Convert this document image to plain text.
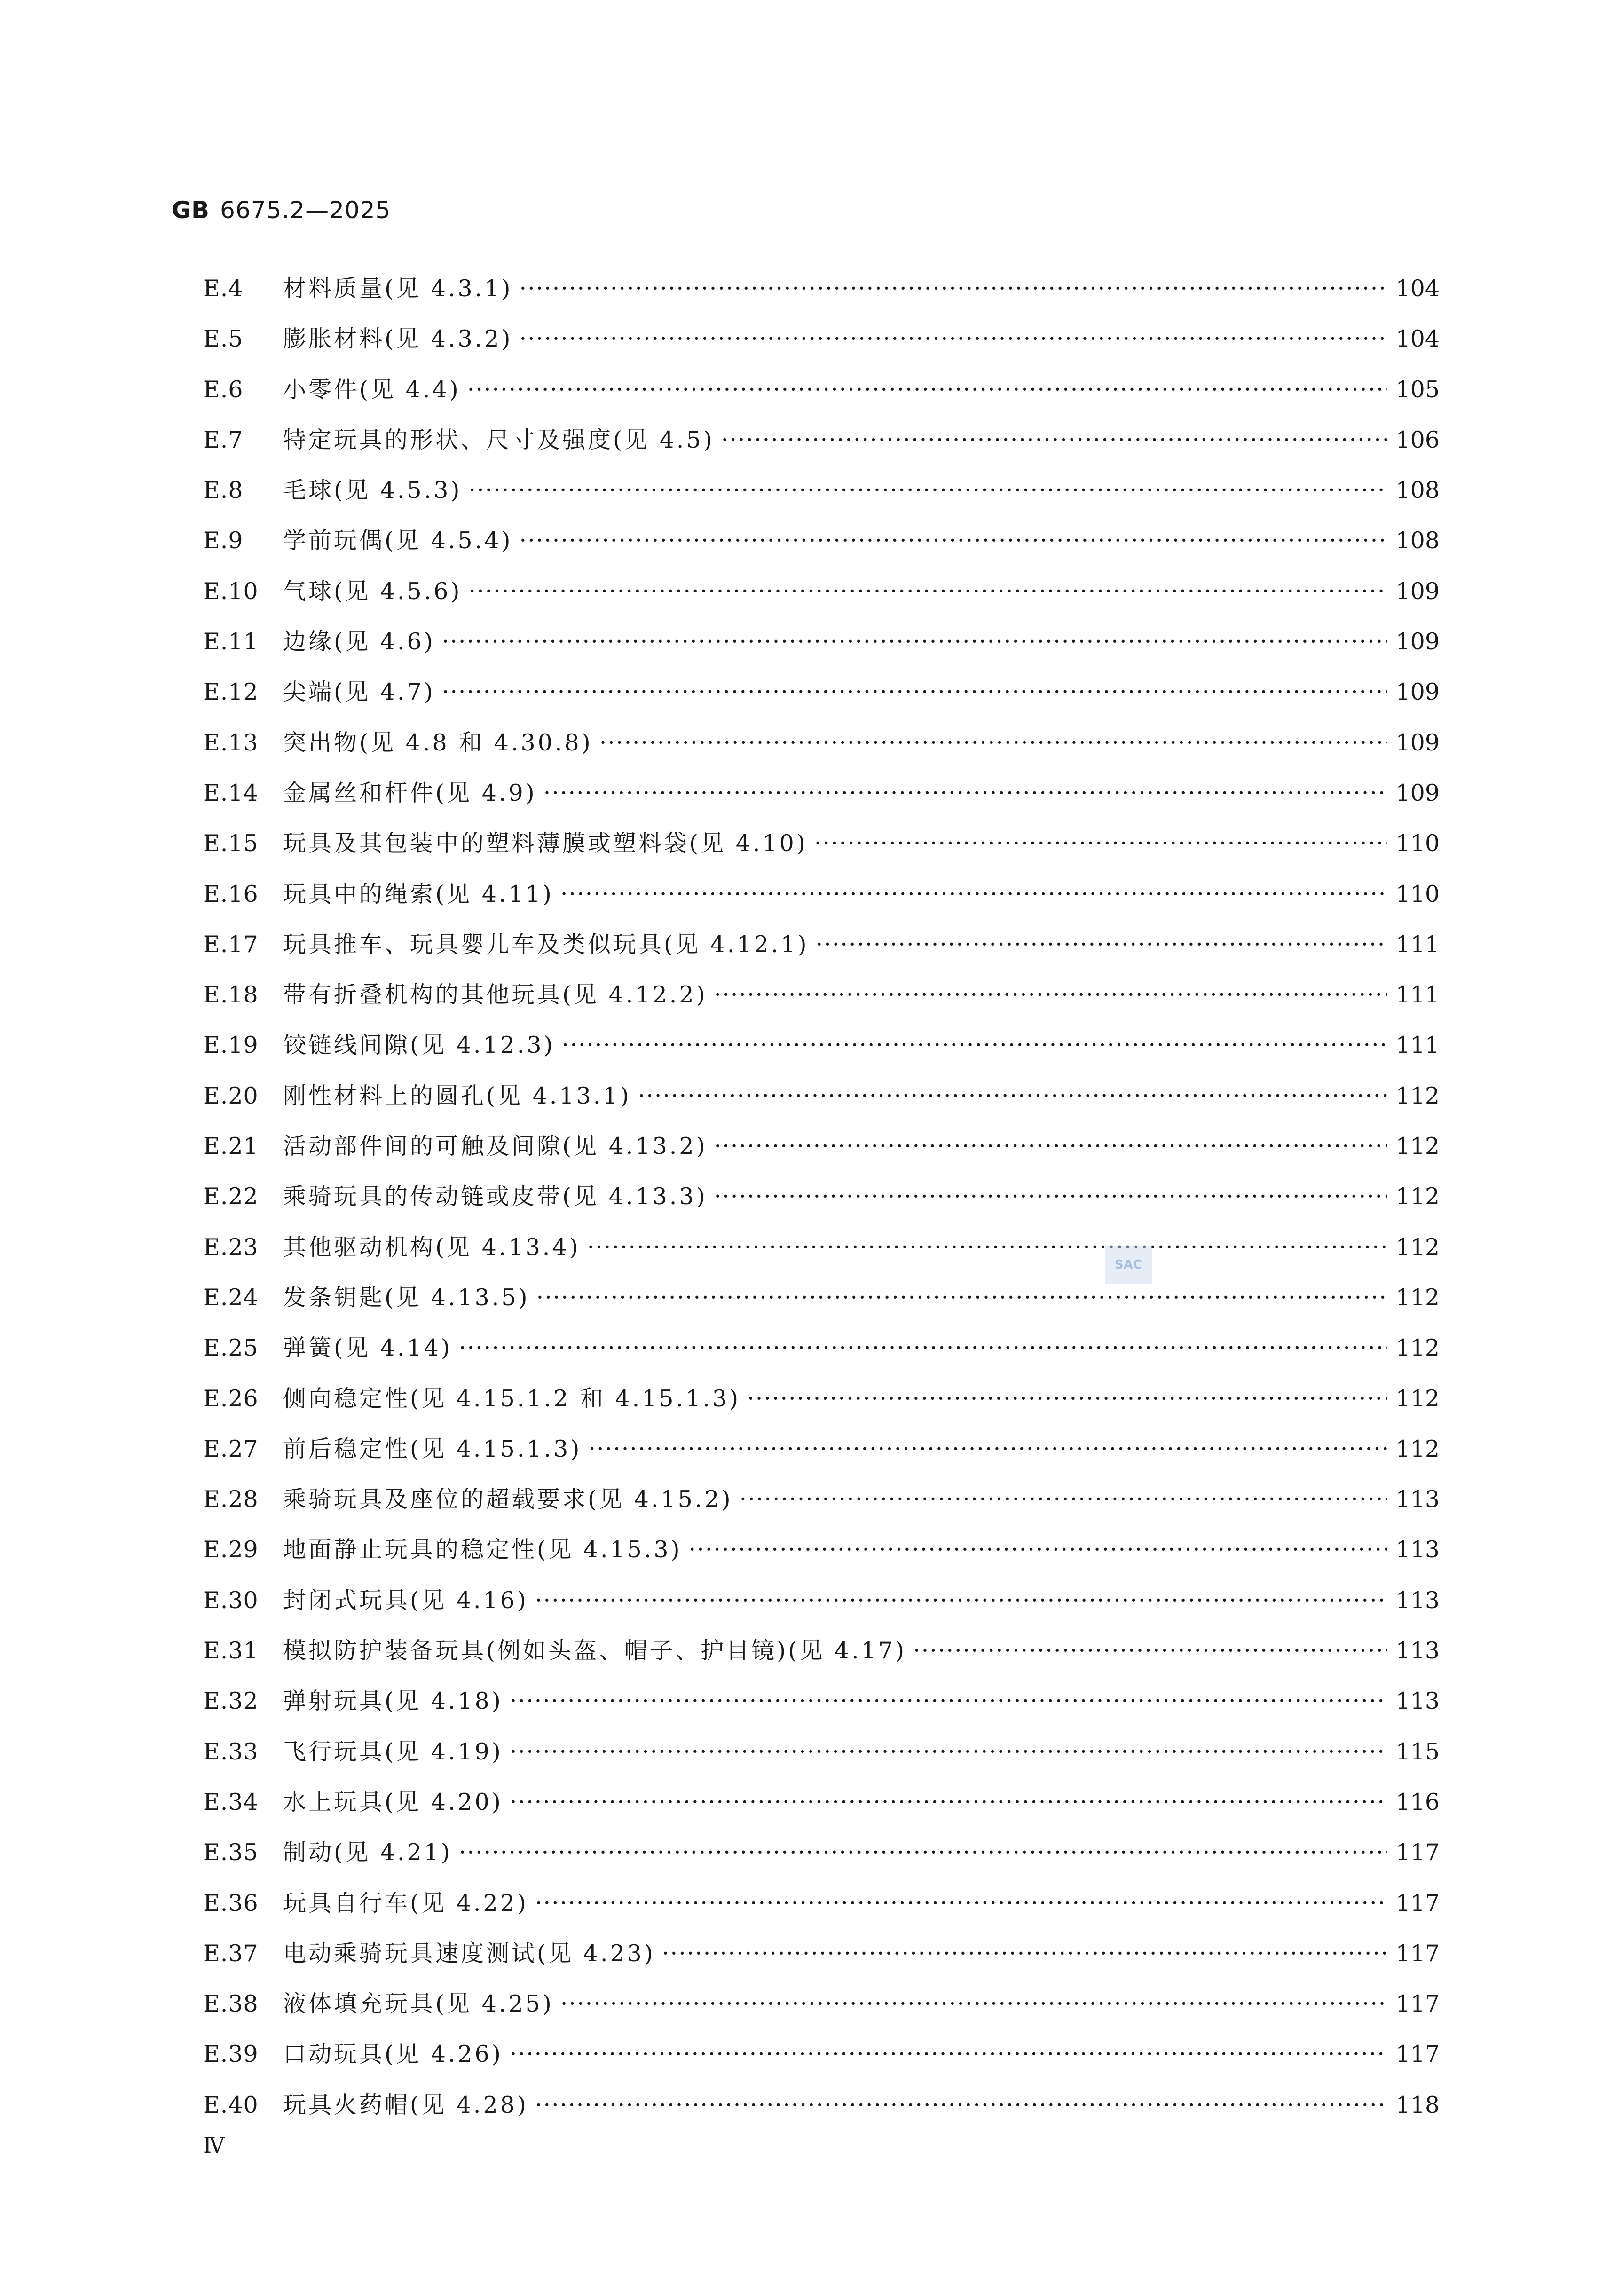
GB 6675.2—2025
E.4	材料质量(见 4.3.1) ·····	104
E.5	膨胀材料(见 4.3.2) ·····	104
E.6	小零件(见 4.4) ·····	105
E.7	特定玩具的形状、尺寸及强度(见 4.5) ·····	106
E.8	毛球(见 4.5.3) ·····	108
E.9	学前玩偶(见 4.5.4) ·····	108
E.10	气球(见 4.5.6) ·····	109
E.11	边缘(见 4.6) ·····	109
E.12	尖端(见 4.7) ·····	109
E.13	突出物(见 4.8 和 4.30.8) ·····	109
E.14	金属丝和杆件(见 4.9) ·····	109
E.15	玩具及其包装中的塑料薄膜或塑料袋(见 4.10) ·····	110
E.16	玩具中的绳索(见 4.11) ·····	110
E.17	玩具推车、玩具婴儿车及类似玩具(见 4.12.1) ·····	111
E.18	带有折叠机构的其他玩具(见 4.12.2) ·····	111
E.19	铰链线间隙(见 4.12.3) ·····	111
E.20	刚性材料上的圆孔(见 4.13.1) ·····	112
E.21	活动部件间的可触及间隙(见 4.13.2) ·····	112
E.22	乘骑玩具的传动链或皮带(见 4.13.3) ·····	112
E.23	其他驱动机构(见 4.13.4) ·····	112
E.24	发条钥匙(见 4.13.5) ·····	112
E.25	弹簧(见 4.14) ·····	112
E.26	侧向稳定性(见 4.15.1.2 和 4.15.1.3) ·····	112
E.27	前后稳定性(见 4.15.1.3) ·····	112
E.28	乘骑玩具及座位的超载要求(见 4.15.2) ·····	113
E.29	地面静止玩具的稳定性(见 4.15.3) ·····	113
E.30	封闭式玩具(见 4.16) ·····	113
E.31	模拟防护装备玩具(例如头盔、帽子、护目镜)(见 4.17) ·····	113
E.32	弹射玩具(见 4.18) ·····	113
E.33	飞行玩具(见 4.19) ·····	115
E.34	水上玩具(见 4.20) ·····	116
E.35	制动(见 4.21) ·····	117
E.36	玩具自行车(见 4.22) ·····	117
E.37	电动乘骑玩具速度测试(见 4.23) ·····	117
E.38	液体填充玩具(见 4.25) ·····	117
E.39	口动玩具(见 4.26) ·····	117
E.40	玩具火药帽(见 4.28) ·····	118
SAC
Ⅳ
